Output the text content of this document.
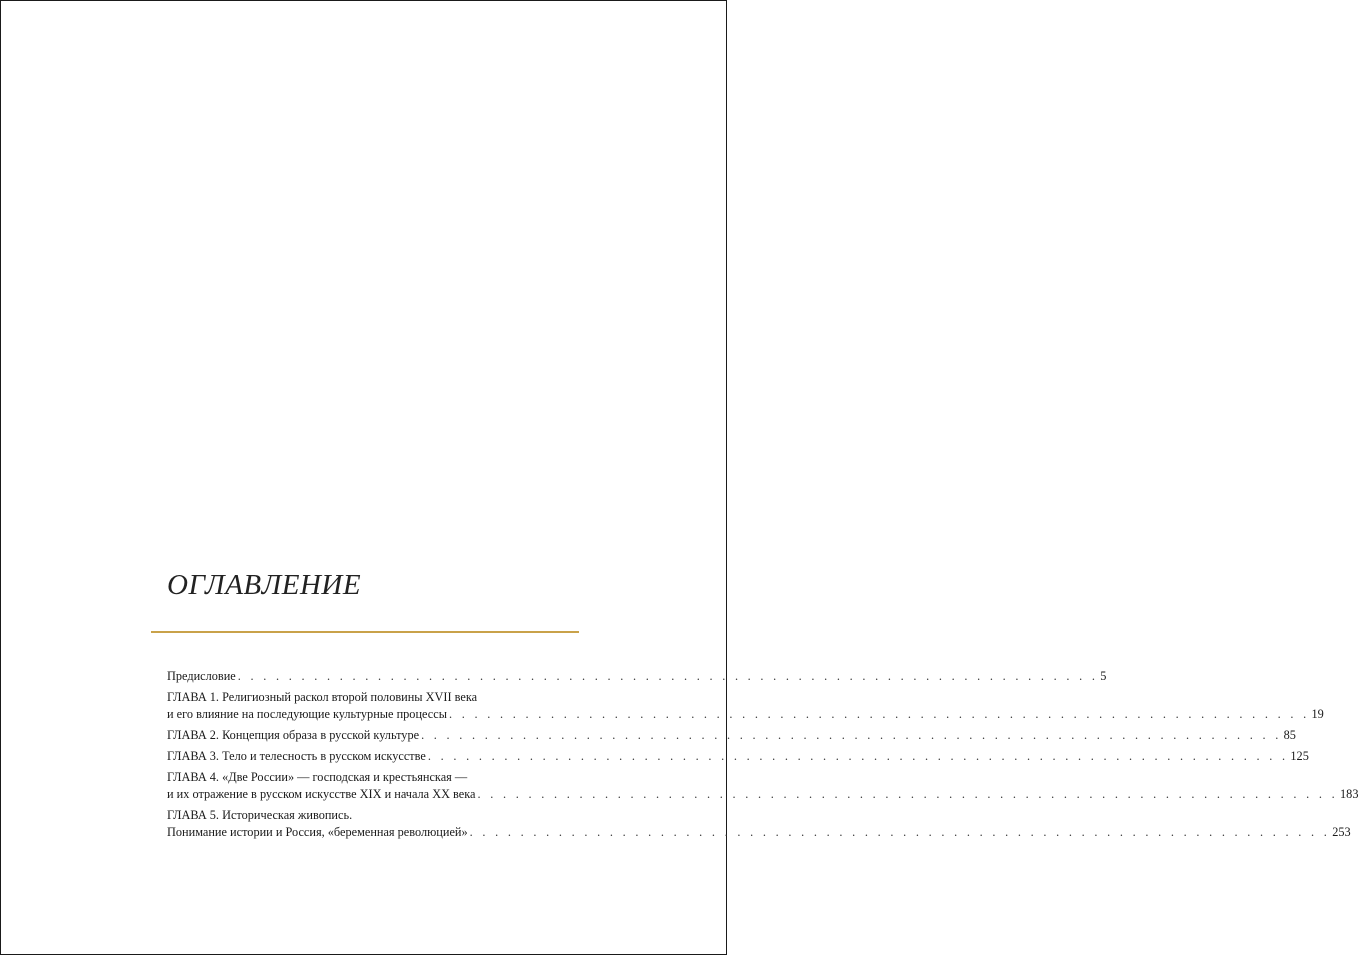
ОГЛАВЛЕНИЕ
Предисловие . . . . . . . . . . . . . . . . . . . . . . . . . . . . . . . . . . . . . . . . . . . . . . . . . . . . . . . . . . . . . . . . . . . . 5
ГЛАВА 1. Религиозный раскол второй половины XVII века
и его влияние на последующие культурные процессы . . . . . . . . . . . . . . . . . . . . . . . . . . . . . . . . . . . . . . . . . . . . . . . . . . . . . . . . . . . . . . . . . . . . 19
ГЛАВА 2. Концепция образа в русской культуре . . . . . . . . . . . . . . . . . . . . . . . . . . . . . . . . . . . . . . . . . . . . . . . . . . . . . . . . . . . . . . . . . . . . 85
ГЛАВА 3. Тело и телесность в русском искусстве . . . . . . . . . . . . . . . . . . . . . . . . . . . . . . . . . . . . . . . . . . . . . . . . . . . . . . . . . . . . . . . . . . . . 125
ГЛАВА 4. «Две России» — господская и крестьянская —
и их отражение в русском искусстве XIX и начала XX века . . . . . . . . . . . . . . . . . . . . . . . . . . . . . . . . . . . . . . . . . . . . . . . . . . . . . . . . . . . . . . . . . . . . 183
ГЛАВА 5. Историческая живопись.
Понимание истории и Россия, «беременная революцией» . . . . . . . . . . . . . . . . . . . . . . . . . . . . . . . . . . . . . . . . . . . . . . . . . . . . . . . . . . . . . . . . . . . . 253
